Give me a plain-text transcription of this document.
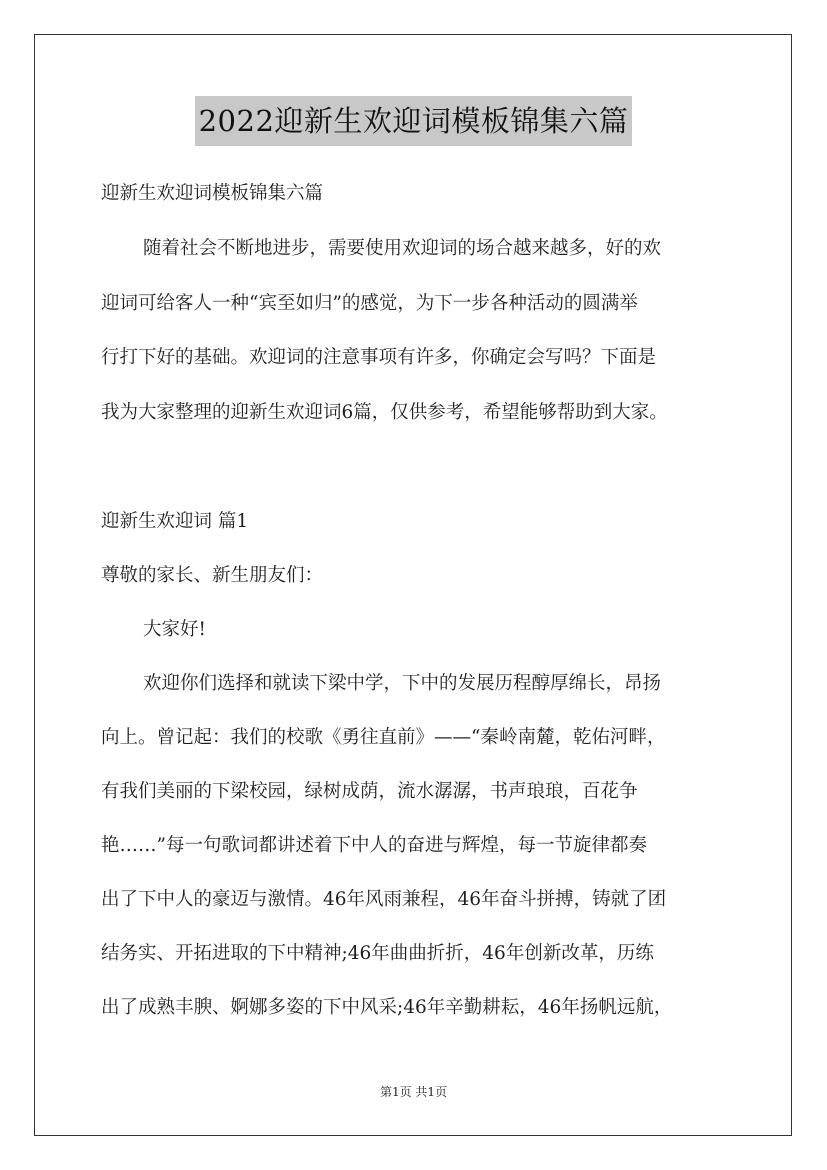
2022迎新生欢迎词模板锦集六篇
迎新生欢迎词模板锦集六篇
随着社会不断地进步，需要使用欢迎词的场合越来越多，好的欢
迎词可给客人一种“宾至如归”的感觉，为下一步各种活动的圆满举
行打下好的基础。欢迎词的注意事项有许多，你确定会写吗？下面是
我为大家整理的迎新生欢迎词6篇，仅供参考，希望能够帮助到大家。
迎新生欢迎词 篇1
尊敬的家长、新生朋友们：
大家好!
欢迎你们选择和就读下梁中学，下中的发展历程醇厚绵长，昂扬
向上。曾记起：我们的校歌《勇往直前》——“秦岭南麓，乾佑河畔，
有我们美丽的下梁校园，绿树成荫，流水潺潺，书声琅琅，百花争
艳……”每一句歌词都讲述着下中人的奋进与辉煌，每一节旋律都奏
出了下中人的豪迈与激情。46年风雨兼程，46年奋斗拼搏，铸就了团
结务实、开拓进取的下中精神;46年曲曲折折，46年创新改革，历练
出了成熟丰腴、婀娜多姿的下中风采;46年辛勤耕耘，46年扬帆远航，
第1页 共1页
